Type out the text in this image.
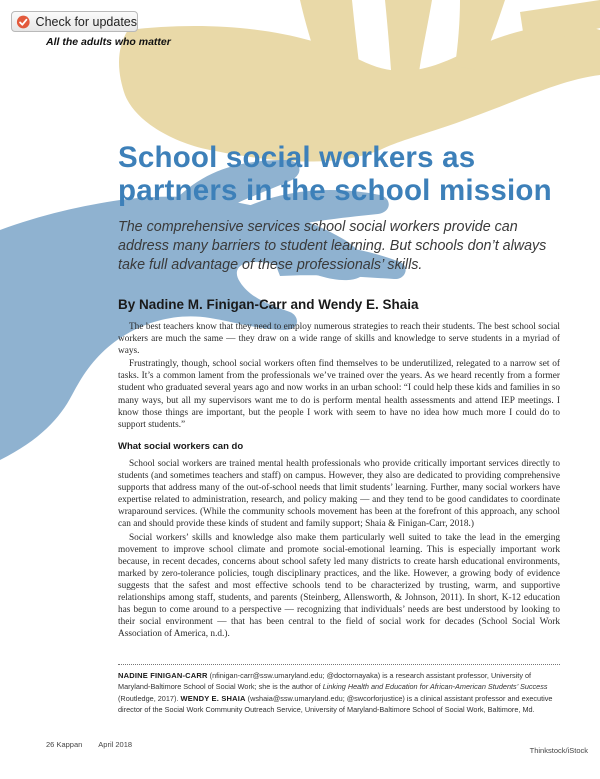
Check for updates
All the adults who matter
School social workers as partners in the school mission

The comprehensive services school social workers provide can address many barriers to student learning. But schools don’t always take full advantage of these professionals’ skills.

By Nadine M. Finigan-Carr and Wendy E. Shaia

The best teachers know that they need to employ numerous strategies to reach their students. The best school social workers are much the same — they draw on a wide range of skills and knowledge to serve students in a myriad of ways.

Frustratingly, though, school social workers often find themselves to be underutilized, relegated to a narrow set of tasks. It’s a common lament from the professionals we’ve trained over the years. As we heard recently from a former student who graduated several years ago and now works in an urban school: “I could help these kids and families in so many ways, but all my supervisors want me to do is perform mental health assessments and attend IEP meetings. I know those things are important, but the people I work with seem to have no idea how much more I could do to support students.”

What social workers can do

School social workers are trained mental health professionals who provide critically important services directly to students (and sometimes teachers and staff) on campus. However, they also are dedicated to providing comprehensive supports that address many of the out-of-school needs that limit students’ learning. Further, many social workers have expertise related to administration, research, and policy making — and they tend to be good candidates to coordinate wraparound services. (While the community schools movement has been at the forefront of this approach, any school can and should provide these kinds of student and family support; Shaia & Finigan-Carr, 2018.)

Social workers’ skills and knowledge also make them particularly well suited to take the lead in the emerging movement to improve school climate and promote social-emotional learning. This is especially important work because, in recent decades, concerns about school safety led many districts to create harsh educational environments, marked by zero-tolerance policies, tough disciplinary practices, and the like. However, a growing body of evidence suggests that the safest and most effective schools tend to be characterized by trusting, warm, and supportive relationships among staff, students, and parents (Steinberg, Allensworth, & Johnson, 2011). In short, K-12 education has begun to come around to a perspective — recognizing that individuals’ needs are best understood by looking to their social environment — that has been central to the field of social work for decades (School Social Work Association of America, n.d.).

NADINE FINIGAN-CARR (nfinigan-carr@ssw.umaryland.edu; @doctornayaka) is a research assistant professor, University of Maryland-Baltimore School of Social Work; she is the author of Linking Health and Education for African-American Students’ Success (Routledge, 2017). WENDY E. SHAIA (wshaia@ssw.umaryland.edu; @swcorforjustice) is a clinical assistant professor and executive director of the Social Work Community Outreach Service, University of Maryland-Baltimore School of Social Work, Baltimore, Md.

26 Kappan April 2018
Thinkstock/iStock
